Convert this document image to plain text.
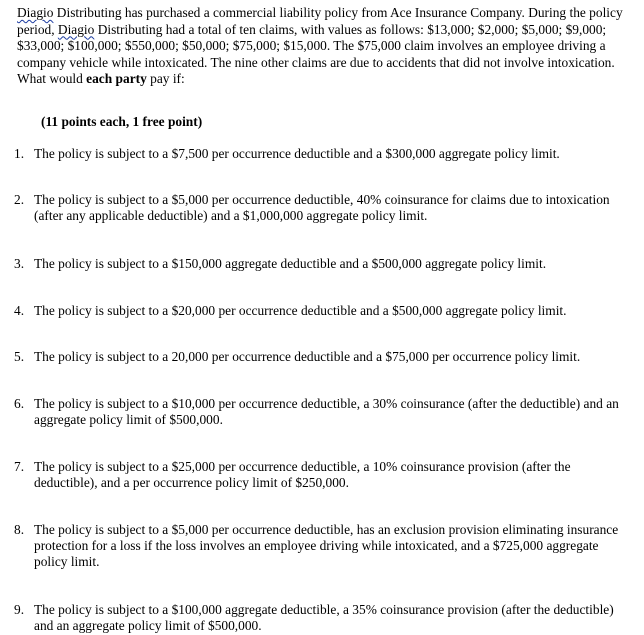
Diagio Distributing has purchased a commercial liability policy from Ace Insurance Company. During the policy period, Diagio Distributing had a total of ten claims, with values as follows: $13,000; $2,000; $5,000; $9,000; $33,000; $100,000; $550,000; $50,000; $75,000; $15,000. The $75,000 claim involves an employee driving a company vehicle while intoxicated. The nine other claims are due to accidents that did not involve intoxication. What would each party pay if:
(11 points each, 1 free point)
1. The policy is subject to a $7,500 per occurrence deductible and a $300,000 aggregate policy limit.
2. The policy is subject to a $5,000 per occurrence deductible, 40% coinsurance for claims due to intoxication (after any applicable deductible) and a $1,000,000 aggregate policy limit.
3. The policy is subject to a $150,000 aggregate deductible and a $500,000 aggregate policy limit.
4. The policy is subject to a $20,000 per occurrence deductible and a $500,000 aggregate policy limit.
5. The policy is subject to a 20,000 per occurrence deductible and a $75,000 per occurrence policy limit.
6. The policy is subject to a $10,000 per occurrence deductible, a 30% coinsurance (after the deductible) and an aggregate policy limit of $500,000.
7. The policy is subject to a $25,000 per occurrence deductible, a 10% coinsurance provision (after the deductible), and a per occurrence policy limit of $250,000.
8. The policy is subject to a $5,000 per occurrence deductible, has an exclusion provision eliminating insurance protection for a loss if the loss involves an employee driving while intoxicated, and a $725,000 aggregate policy limit.
9. The policy is subject to a $100,000 aggregate deductible, a 35% coinsurance provision (after the deductible) and an aggregate policy limit of $500,000.
